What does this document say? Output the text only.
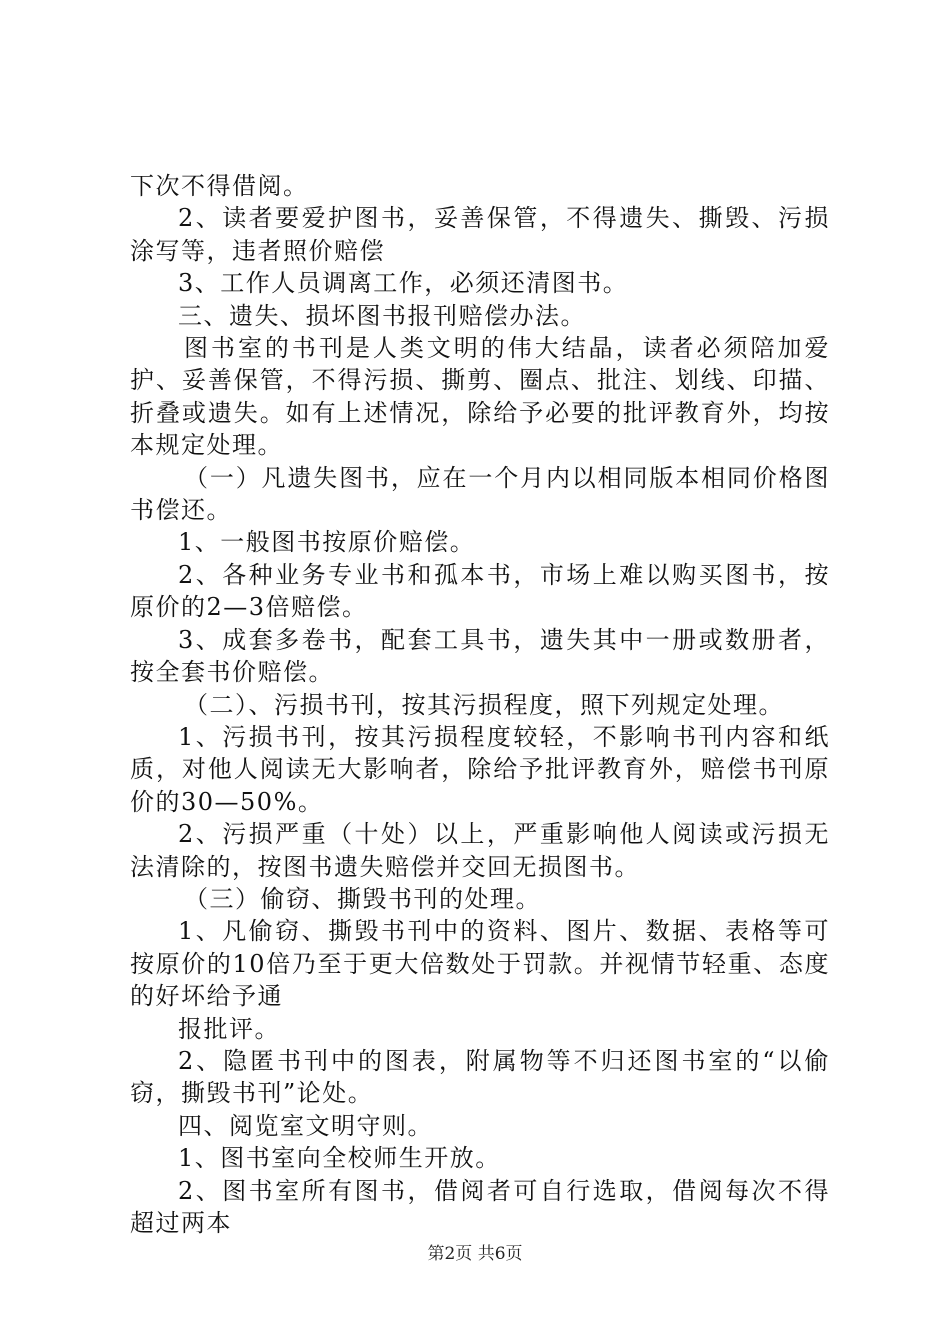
下次不得借阅。

2、读者要爱护图书，妥善保管，不得遗失、撕毁、污损涂写等，违者照价赔偿

3、工作人员调离工作，必须还清图书。

三、遗失、损坏图书报刊赔偿办法。

图书室的书刊是人类文明的伟大结晶，读者必须陪加爱护、妥善保管，不得污损、撕剪、圈点、批注、划线、印描、折叠或遗失。如有上述情况，除给予必要的批评教育外，均按本规定处理。

（一）凡遗失图书，应在一个月内以相同版本相同价格图书偿还。

1、一般图书按原价赔偿。

2、各种业务专业书和孤本书，市场上难以购买图书，按原价的2—3倍赔偿。

3、成套多卷书，配套工具书，遗失其中一册或数册者，按全套书价赔偿。

（二）、污损书刊，按其污损程度，照下列规定处理。

1、污损书刊，按其污损程度较轻，不影响书刊内容和纸质，对他人阅读无大影响者，除给予批评教育外，赔偿书刊原价的30—50%。

2、污损严重（十处）以上，严重影响他人阅读或污损无法清除的，按图书遗失赔偿并交回无损图书。

（三）偷窃、撕毁书刊的处理。

1、凡偷窃、撕毁书刊中的资料、图片、数据、表格等可按原价的10倍乃至于更大倍数处于罚款。并视情节轻重、态度的好坏给予通

报批评。

2、隐匿书刊中的图表，附属物等不归还图书室的“以偷窃，撕毁书刊”论处。

四、阅览室文明守则。

1、图书室向全校师生开放。

2、图书室所有图书，借阅者可自行选取，借阅每次不得超过两本

第2页 共6页
